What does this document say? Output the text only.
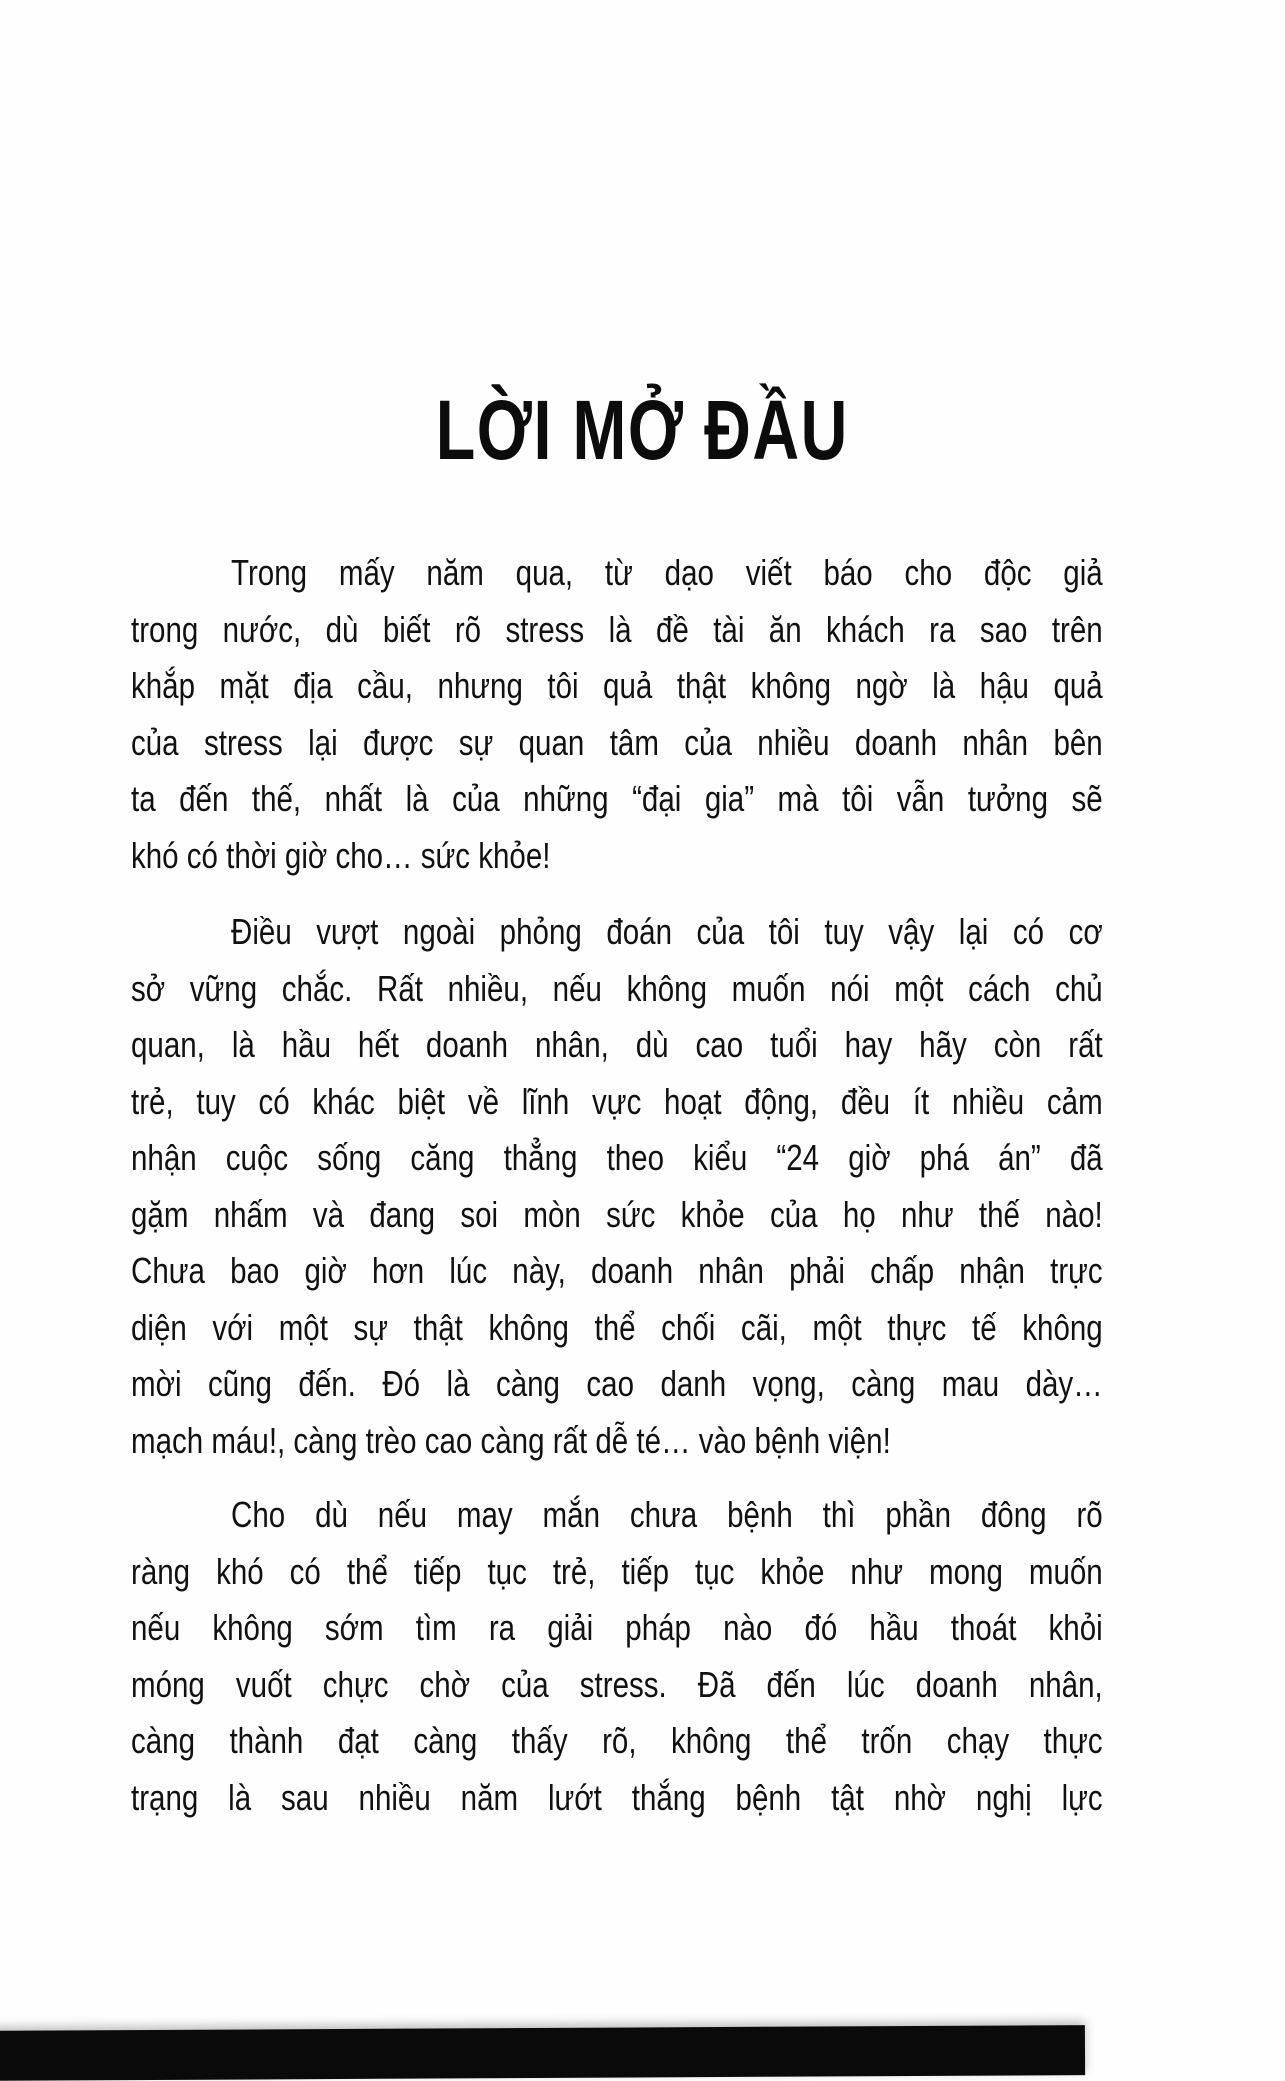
LỜI MỞ ĐẦU
Trong mấy năm qua, từ dạo viết báo cho độc giả
trong nước, dù biết rõ stress là đề tài ăn khách ra sao trên
khắp mặt địa cầu, nhưng tôi quả thật không ngờ là hậu quả
của stress lại được sự quan tâm của nhiều doanh nhân bên
ta đến thế, nhất là của những “đại gia” mà tôi vẫn tưởng sẽ
khó có thời giờ cho… sức khỏe!
Điều vượt ngoài phỏng đoán của tôi tuy vậy lại có cơ
sở vững chắc. Rất nhiều, nếu không muốn nói một cách chủ
quan, là hầu hết doanh nhân, dù cao tuổi hay hãy còn rất
trẻ, tuy có khác biệt về lĩnh vực hoạt động, đều ít nhiều cảm
nhận cuộc sống căng thẳng theo kiểu “24 giờ phá án” đã
gặm nhấm và đang soi mòn sức khỏe của họ như thế nào!
Chưa bao giờ hơn lúc này, doanh nhân phải chấp nhận trực
diện với một sự thật không thể chối cãi, một thực tế không
mời cũng đến. Đó là càng cao danh vọng, càng mau dày…
mạch máu!, càng trèo cao càng rất dễ té… vào bệnh viện!
Cho dù nếu may mắn chưa bệnh thì phần đông rõ
ràng khó có thể tiếp tục trẻ, tiếp tục khỏe như mong muốn
nếu không sớm tìm ra giải pháp nào đó hầu thoát khỏi
móng vuốt chực chờ của stress. Đã đến lúc doanh nhân,
càng thành đạt càng thấy rõ, không thể trốn chạy thực
trạng là sau nhiều năm lướt thắng bệnh tật nhờ nghị lực
